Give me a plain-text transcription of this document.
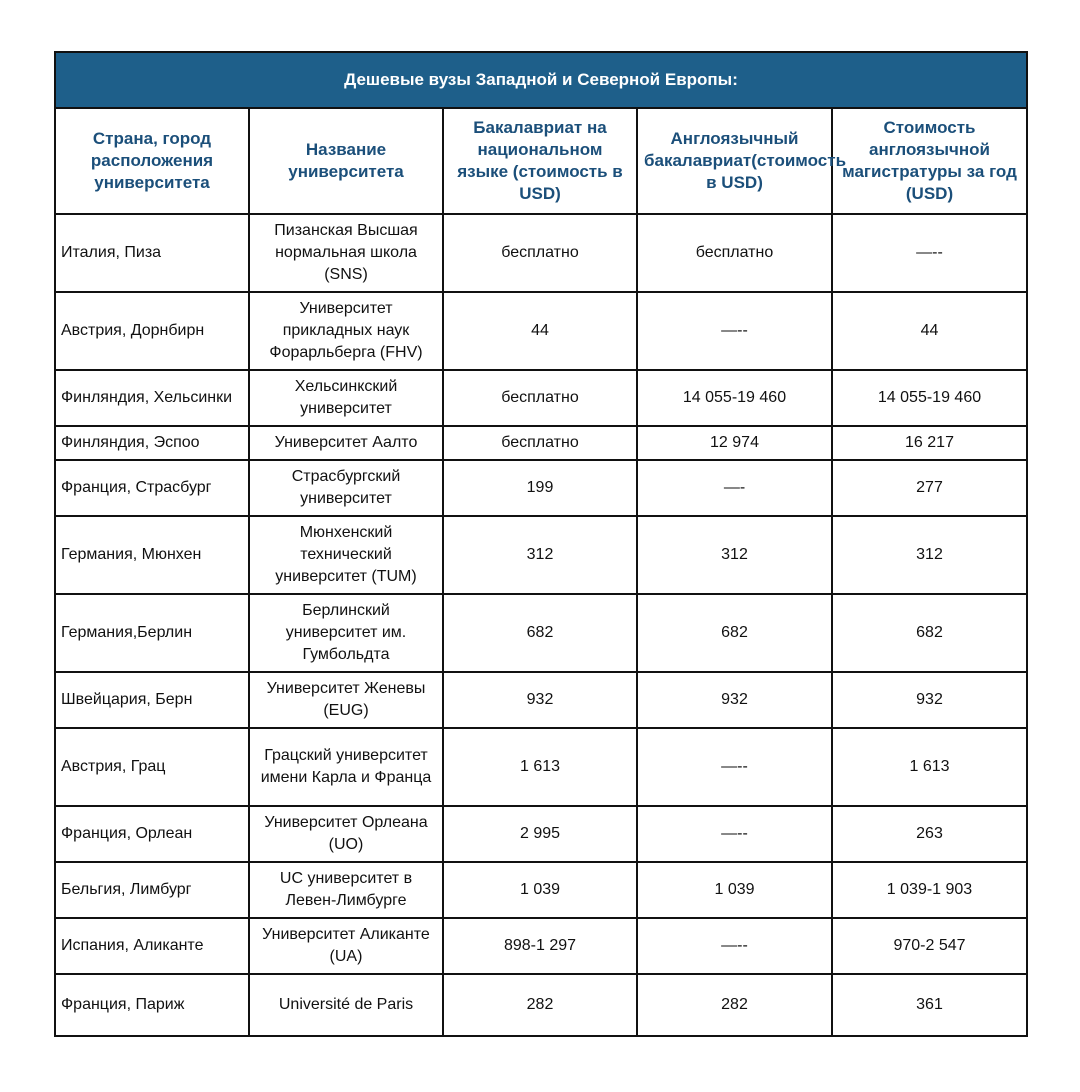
Дешевые вузы Западной и Северной Европы:				
Страна, город расположения университета	Название университета	Бакалавриат на национальном языке (стоимость в USD)	Англоязычный бакалавриат(стоимость в USD)	Стоимость англоязычной магистратуры за год (USD)
Италия, Пиза	Пизанская Высшая нормальная школа (SNS)	бесплатно	бесплатно	—--
Австрия, Дорнбирн	Университет прикладных наук Форарльберга (FHV)	44	—--	44
Финляндия, Хельсинки	Хельсинкский университет	бесплатно	14 055-19 460	14 055-19 460
Финляндия, Эспоо	Университет Аалто	бесплатно	12 974	16 217
Франция, Страсбург	Страсбургский университет	199	—-	277
Германия, Мюнхен	Мюнхенский технический университет (TUM)	312	312	312
Германия,Берлин	Берлинский университет им. Гумбольдта	682	682	682
Швейцария, Берн	Университет Женевы (EUG)	932	932	932
Австрия, Грац	Грацский университет имени Карла и Франца	1 613	—--	1 613
Франция, Орлеан	Университет Орлеана (UO)	2 995	—--	263
Бельгия, Лимбург	UC университет в Левен-Лимбурге	1 039	1 039	1 039-1 903
Испания, Аликанте	Университет Аликанте (UA)	898-1 297	—--	970-2 547
Франция, Париж	Université de Paris	282	282	361
